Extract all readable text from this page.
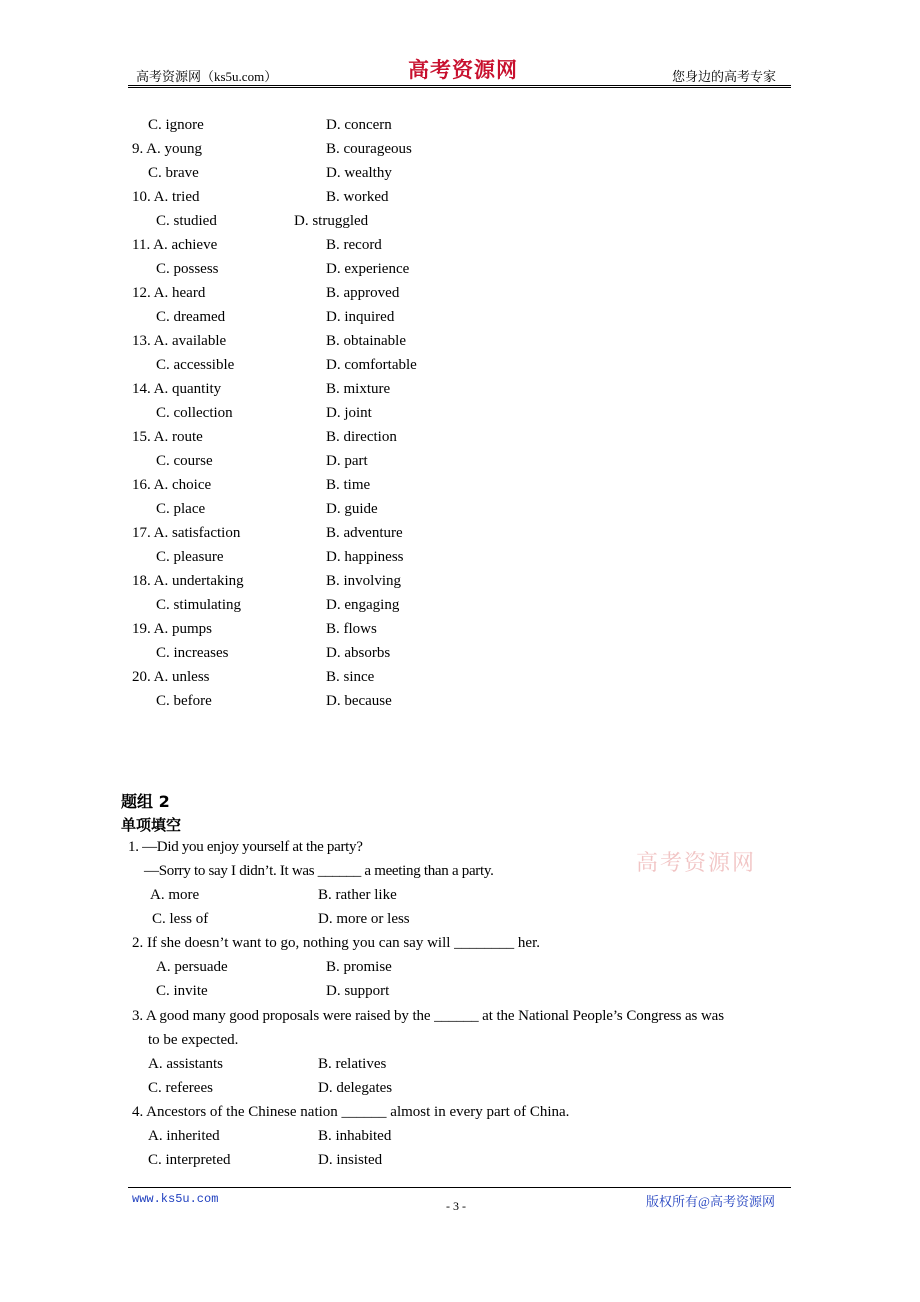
高考资源网（ks5u.com）	高考资源网	您身边的高考专家
C. ignore	D. concern
9. A. young	B. courageous
C. brave	D. wealthy
10. A. tried	B. worked
C. studied	D. struggled
11. A. achieve	B. record
C. possess	D. experience
12. A. heard	B. approved
C. dreamed	D. inquired
13. A. available	B. obtainable
C. accessible	D. comfortable
14. A. quantity	B. mixture
C. collection	D. joint
15. A. route	B. direction
C. course	D. part
16. A. choice	B. time
C. place	D. guide
17. A. satisfaction	B. adventure
C. pleasure	D. happiness
18. A. undertaking	B. involving
C. stimulating	D. engaging
19. A. pumps	B. flows
C. increases	D. absorbs
20. A. unless	B. since
C. before	D. because
题组 2
单项填空
高考资源网
1. —Did you enjoy yourself at the party?
—Sorry to say I didn’t. It was ______ a meeting than a party.
A. more	B. rather like
C. less of	D. more or less
2. If she doesn’t want to go, nothing you can say will ________ her.
A. persuade	B. promise
C. invite	D. support
3. A good many good proposals were raised by the ______ at the National People’s Congress as was
to be expected.
A. assistants	B. relatives
C. referees	D. delegates
4. Ancestors of the Chinese nation ______ almost in every part of China.
A. inherited	B. inhabited
C. interpreted	D. insisted
www.ks5u.com	- 3 -	版权所有@高考资源网
